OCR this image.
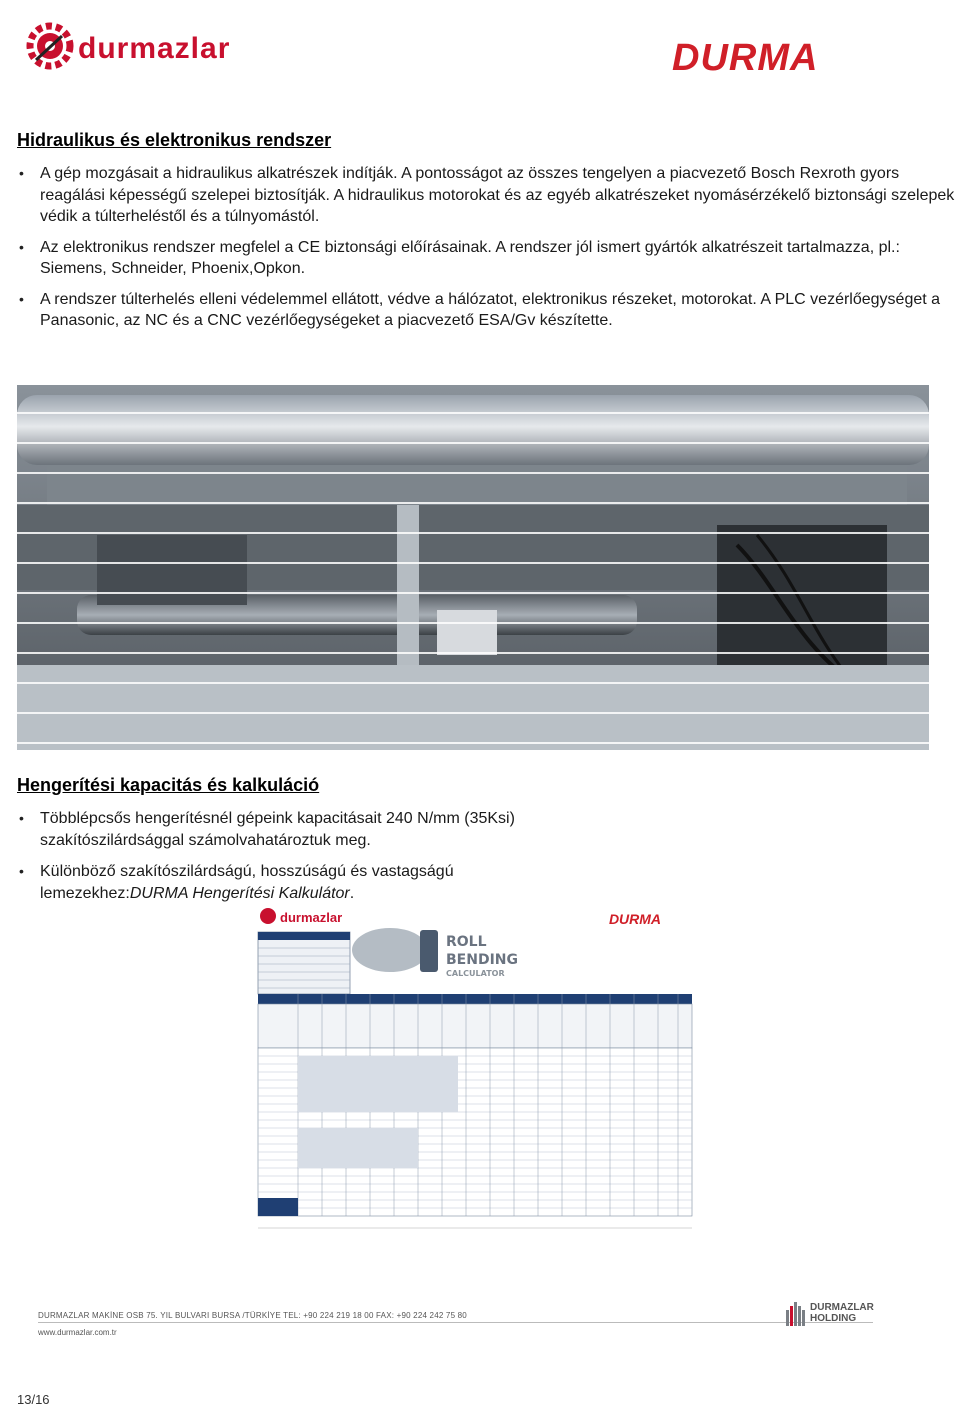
durmazlar	DURMA
Hidraulikus és elektronikus rendszer
• A gép mozgásait a hidraulikus alkatrészek indítják. A pontosságot az összes tengelyen a piacvezető Bosch Rexroth gyors reagálási képességű szelepei biztosítják. A hidraulikus motorokat és az egyéb alkatrészeket nyomásérzékelő biztonsági szelepek védik a túlterheléstől és a túlnyomástól.
• Az elektronikus rendszer megfelel a CE biztonsági előírásainak. A rendszer jól ismert gyártók alkatrészeit tartalmazza, pl.: Siemens, Schneider, Phoenix,Opkon.
• A rendszer túlterhelés elleni védelemmel ellátott, védve a hálózatot, elektronikus részeket, motorokat. A PLC vezérlőegységet a Panasonic, az NC és a CNC vezérlőegységeket a piacvezető ESA/Gv készítette.
Hengerítési kapacitás és kalkuláció
• Többlépcsős hengerítésnél gépeink kapacitásait 240 N/mm (35Ksi) szakítószilárdsággal számolvahatároztuk meg.
• Különböző szakítószilárdságú, hosszúságú és vastagságú lemezekhez:DURMA Hengerítési Kalkulátor.
durmazlar	DURMA
ROLL
BENDING
CALCULATOR
DURMAZLAR MAKİNE OSB 75. YIL BULVARI BURSA /TÜRKİYE TEL: +90 224 219 18 00 FAX: +90 224 242 75 80
www.durmazlar.com.tr
DURMAZLAR
HOLDING
13/16
